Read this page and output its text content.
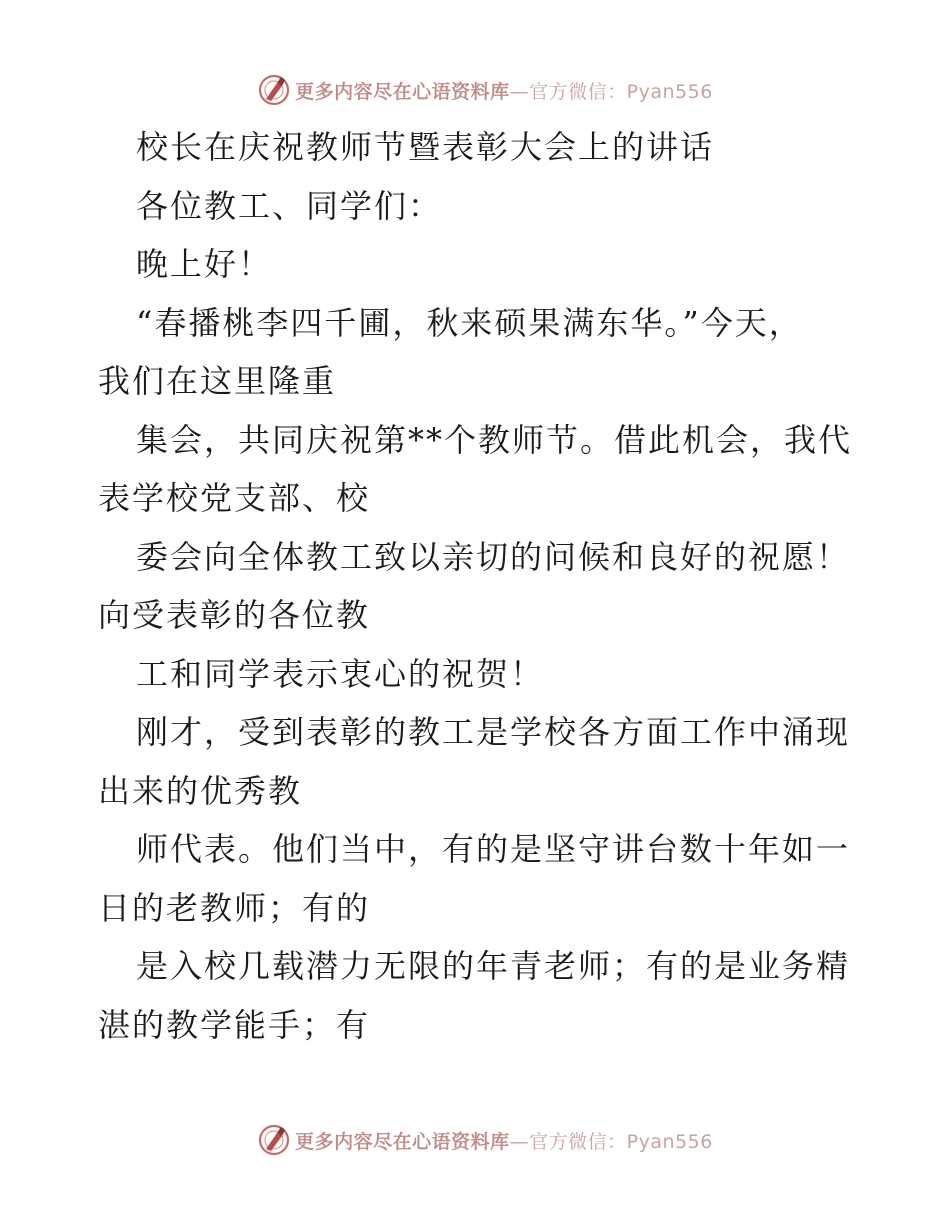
更多内容尽在心语资料库—官方微信：Pyan556
校长在庆祝教师节暨表彰大会上的讲话
各位教工、同学们：
晚上好！
“春播桃李四千圃，秋来硕果满东华。”今天，
我们在这里隆重
集会，共同庆祝第**个教师节。借此机会，我代
表学校党支部、校
委会向全体教工致以亲切的问候和良好的祝愿！
向受表彰的各位教
工和同学表示衷心的祝贺！
刚才，受到表彰的教工是学校各方面工作中涌现
出来的优秀教
师代表。他们当中，有的是坚守讲台数十年如一
日的老教师；有的
是入校几载潜力无限的年青老师；有的是业务精
湛的教学能手；有
更多内容尽在心语资料库—官方微信：Pyan556
